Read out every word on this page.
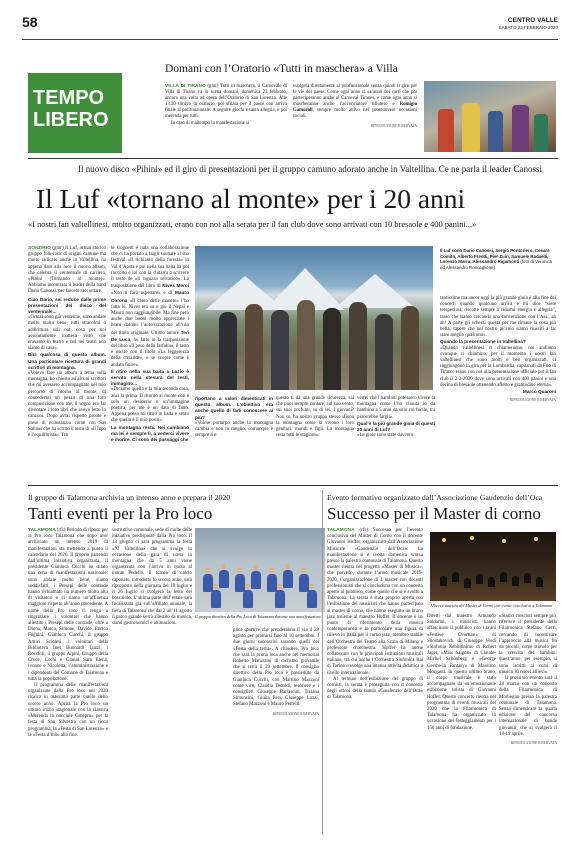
58	CENTRO VALLE
SABATO 22 FEBBRAIO 2020
TEMPO
LIBERO
Domani con l’Oratorio «Tutti in maschera» a Villa
VILLA DI TIRANO (gmr) Tutti in maschera, il Carnevale di Villa di Tirano va in scena domani, domenica 23 febbraio, ancora una volta ad opera dell’Oratorio di San Lorenzo. Alle 13.30 ritrovo in oratorio, poi sfilata per il paese con arrivo finale al polifunzionale. A seguire giochi e tanta allegria, e poi merenda per tutti.
In caso di maltempo la manifestazione si
svolgerà direttamente al polifunzionale senza quindi il giro per le vie del paese. Come ogni anno ci saranno dei carri che poi parteciperanno anche al Carneval Tiranes, e come ogni anno si mascheranno anche l’acconciatore rifiuteso e Romigio Gamoroli, sempre molto attivo nel promuovere occasioni sociali.
RIPRODUZIONE RISERVATA
Il nuovo disco «Pihini» ed il giro di presentazioni per il gruppo camuno adorato anche in Valtellina. Ce ne parla il leader Canossi
Il Luf «tornano al monte» per i 20 anni
«I nostri fan valtellinesi, molto organizzati, erano con noi alla serata per il fan club dove sono arrivati con 10 bresaole e 400 panini...»
SONDRIO (gmr) Il Luf, ormai storico gruppo folk-rock di origini camune ma molto radicato anche in Valtellina, ha appena dato alla luce il nuovo album, che celebra il ventennale di carriera, «Pihini (Tornando al monte)». Abbiamo incontrato il leader della band Dario Canossi, per farcelo raccontare.
Ciao Dario, sei reduce dalle prime presentazioni del disco del ventennale...
«Ormai sono già ventenne, sono andate molto molto bene, tutti stracolmi o addirittura soli out, cosa per noi assolutamente inattesa visto che eravamo in teatro e noi nei teatri non siamo di casa».
Dici qualcosa di questo album. Una particolare ricettura di grandi scrittori di montagna.
«Volevo fare un album a tema sulla montagna, ho chiesto ad alcuni scrittori che mi avessero accompagnato nel mio percorso di ritorno al monte, di concedermi un pezzo di una loro composizione con me, il sogno era far diventare i loro libri che avevo letto in canzoni. Dopo avrai rispetto pronte e prese di ecinstanzio come con Sas Salinas che ha scritto il testo di «Il lupo e l’equilibrista». Tra
le Cognetti è nata una collaborazione che ci ha portato a fargli suonare al suo festival «Il richiamo della foresta» in Val d’Aosta e poi nella sua baita ha poi raccolto e loi con la chitarra a scrivere il testo de «Il ragazzo selvatico». La trasposizione del libro di Nives Meroi «Non ti farò aspettare» e di Mauro Corona «Il canto delle manere» l’ho fatta io, Nives era su e giù il Nepal e Mauro non raggiungibile. Ma fine però anche due buoni molto apprezzate i brani daldini l’autorizzazione all’uso del titolo originale. Ultimo autore Teri De Luca, ho fatto io la trasposizione del libro «Il peso della farfalla», il tasto è uscito con il titolo «La leggerezza della crisalide», e se scopre come è andata finire».
Il ritiro nella sua baita a Lozio è servito nella stesura del testi, immagino...
«Diciamo quella è la mia seconda casa, anzi la prima. Il ritorno al monte non è solo un desiderio o un’immagine poetica, per me è un dato di fatto. Appena posso mi ritiro in baita e sento che quello è il mio posto».
La montagna resta. Nei cambiano ma lei è sempre lì, a vederci vivere e morire. Ci sono dei passaggi che
Il Luf sono Dario Canossi, Sergio Pontoriero, Cesare Comito, Alberto Freddi, Pier Zuin, Samuele Radaelli, Lorenzo Marra, Alessandro Rigamonti (foto di Veronica ed Alessandro Roncaglione)
riportano a valori dimenticati in questo album. L’obiettivo era anche quello di farli conoscere ai più?
«Volme portarpo anche la montagna cambia e non in meglio, comunque è sempre lì e
questo ti dà una grande sicurezza, sai che puoi sempre contare, sul suo vento, sui suoi profumi, su di lei. I giovani? Non so, ho nostro gruppo stesso sfiona la montagna come la vivono i loro genitori, mondi e figli. La montagna resta tutti le stagioni».
verrei che i bambini potessero vivere la montagna come l’ho vissuta io da bambino a 5 anni da solo col fucile, mi piacerebbe fargli».
Qual’è la più grande gioia di questi 20 anni di Luf?
«Le gioie sono state davvero
tantissime ma ancor oggi la più grande gioia è alla fine dei concerti quando qualcuno arriva e mi dice “siete tesspeciusi, riscotte sempre a ridarmi energia e allegria”, tanto che siamo cercando una convenzione con l’Ass., ah ah! A parte gli scherzi questa per me rimane la cosa più bella, sapere che nel nostro piccolo siamo riusciti a far stare meglio qualcuno».
Quando la presentazione in Valtellina?
«Quando valtellinesi ci chiameranno, noi andiamo ovunque ci chiamino, per il momento i nostri fan valtellinesi che sono molti e ben organizzati, ci raggiungono in giro per la Lombardia, capitanati da Filo di Tirano: erano con noi alla presentazione ufficiale per il fan club il 2-2-2020 dove sono arrivati con 400 panini e una decina di bresaole ottenendo affetto e gratitudine eterna».
Marco Quaroni
RIPRODUZIONE RISERVATA
Il gruppo di Talamona archivia un intenso anno e prepara il 2020
Tanti eventi per la Pro loco
TALAMONA (rfs) Periodo di riposo per la Pro loco Talamona che dopo aver archiviato un intenso 2019 di manifestazioni sta mettendo a punto il calendario del 2020. Il proprio partendo dall’ultima iniziativa organizzata, il presidente Gianluca Cucchi ha stilato una cena di manifestazioni nazionale: sono andate molto bene, siamo soddisfatti, i Presepi delle contrade hanno richiamato un numero molto alto di visitatori e ci siamo un’affluenza maggiore rispetto all’anno precedente. A nome della Pro loco ci tengo a ringraziare i volontari che hanno allestito i Presepi delle contrade, oltre a Diona, Marco, Simone, Davide, Enrico Fognini, Gianluca Cucchi, il gruppo Amici Sciolesi, i volontari della Biblioteca Ines Buonardi Luzzi, i Roccioli, il gruppo Alpini, Gruppo della Croce, Cochi e Gianni Sara Elena, Ivonne e Nicoletta, l’amministrazione e i dipendenti del Comune di Talamona e tutta la popolazione.
Il programma delle manifestazioni organizzate dalla Pro loco nel 2020 ricalca in massima parte quello dello scorso anno. Aprirà la Pro loco un ottimo inizio stagionale con la classica «Merenda in nocciole Ginepro» per la festa di San Silvestro con un ricco programma, la «Festa di San Lorenzo» e la «Festa d’lhù» alla fine.
sostruttive comunale, sede di molte delle iniziative predisposte dalla Pro loco. Il 13 giugno ci sarà programma la festa «Xl Valtellina» che si svolge in occasione della gara di corsa in montagna che da 5 anni viene organizzata con l’arrivo in quota al monte Pedello. Il tornеo di calcio saponato, introdotto lo scorso anno, sarà riproposto nella giornata del 18 luglio e il 26 luglio si svolgerà la festa del boscaiolo. L’ultima parte dell’estate sarà focalizzata già sull’affiliato annuale, la fiera di Talamona che dal 2 all’11 agosto il parco grande verrà allestito da musica, stand gastronomici e animazioni.
Il gruppo direttivo della Pro Loco di Talamona durante una manifestazione
plice sportive che prenderanno il via il 28 agosto per protrarsi fino al 10 settembre. I due giorni successivi saranno quelli dei «Festa della terra». A chiudere, Pro loco che sarà la prima loca anche nel memorial Roberto Marazzini di ciclismo giovanile che si terrà il 20 settembre. Il consiglio direttivo della Pro loco è presieduto da Gianluca Cucchi, con Martino Mazzoni come vice, Claudia Tedoldi, tesoriere e i consiglieri Giuseppe Barlascini, Tiziana Simoncini, Giulia Peri, Giuseppe Luzzi, Stefano Mazzoni e Mauro Petrelli.
RIPRODUZIONE RISERVATA
Evento formativo organizzato dall’Associazione Gaudenzio dell’Oca
Successo per il Master di corno
TALAMONA (rfs) Successo per l’evento conclusivo del Master di Corno con il docente Giovanni Hoffer, organizzato dall’Associazione Musicale «Gaudenzio dell’Oca». La manifestazione si è svolta domenica scorsa presso la palestra comunale di Talamona. Questo master rientra nel progetto «Master di Musica», che prevede, durante l’anno musicale 2019-2020, l’organizzazione di 4 master con docenti professionisti che si concludono con un concerto aperto al pubblico, come quello che si è svolto a Talamona. La serata è stata proprio aperta con l’esibizione dei musicisti che hanno partecipato al master di corno, che hanno eseguito un brano jazz insieme al maestro Hoffer. Il docente è un punto di riferimento della musica contemporanea e in particolare una figura di rilievo in Italia per il corno jazz, membro stabile dell’Orchestra del Teatro alla Scala di Milano e professore d’orchestra. Hoffer ha anche collaborato con le principali istituzioni musicali italiane, tra cui anche l’Orchestra Sinfonica Rai di Torino e svolge una intensa attività didattica a livello internazionale.
Al termine dell’esibizione del gruppo di cornisti, la serata è proseguita con il concerto degli ottoni della banda «Gaudenzio dell’Oca» di Talamona.
Allievi e maestro del Master di Corno con evento conclusivo a Talamona
Diretti dal maestro Armando Saldarini, i musicisti hanno affascinato il pubblico con i brani «Festive Overture» di Shostakovich, di Giuseppe Verdi «Sinfonia Nebbitinimo di Robert Jager, «Miss Saigon» di Claude-Michel Schönberg e «George Gershwin Fantasy» di Massimo Morganti. In questo ultimo brano, il corpo musicale è stato accompagnato da un’emozionante esibizione solista di Giovanni Hoffer. Questo concerto rientra nel programma di eventi musicali del 2020 che la Filarmonica di Talamona ha organizzato in occasione dei festeggiamenti per i 150 anni di fondazione.
«Siamo cresciuti sempre più, riferisce il presidente della Filarmonica Stefano Gerri, cercando di incentivare l’approccio alla musica fin da piccoli, come stimolo per la crescita dei bambini: quest’anno, per esempio, si sono iscritti ai corsi di musica 30 nuovi allievi».
Il prossimo evento sarà il 28 marzo con un concerto della Filarmonica di Morbegno presso la palestra comunale di Talamona. Senza dimenticare la quarta edizione del concorso internazionale di bande giovanili, che si svolgerà il 18-19 aprile.
RIPRODUZIONE RISERVATA
